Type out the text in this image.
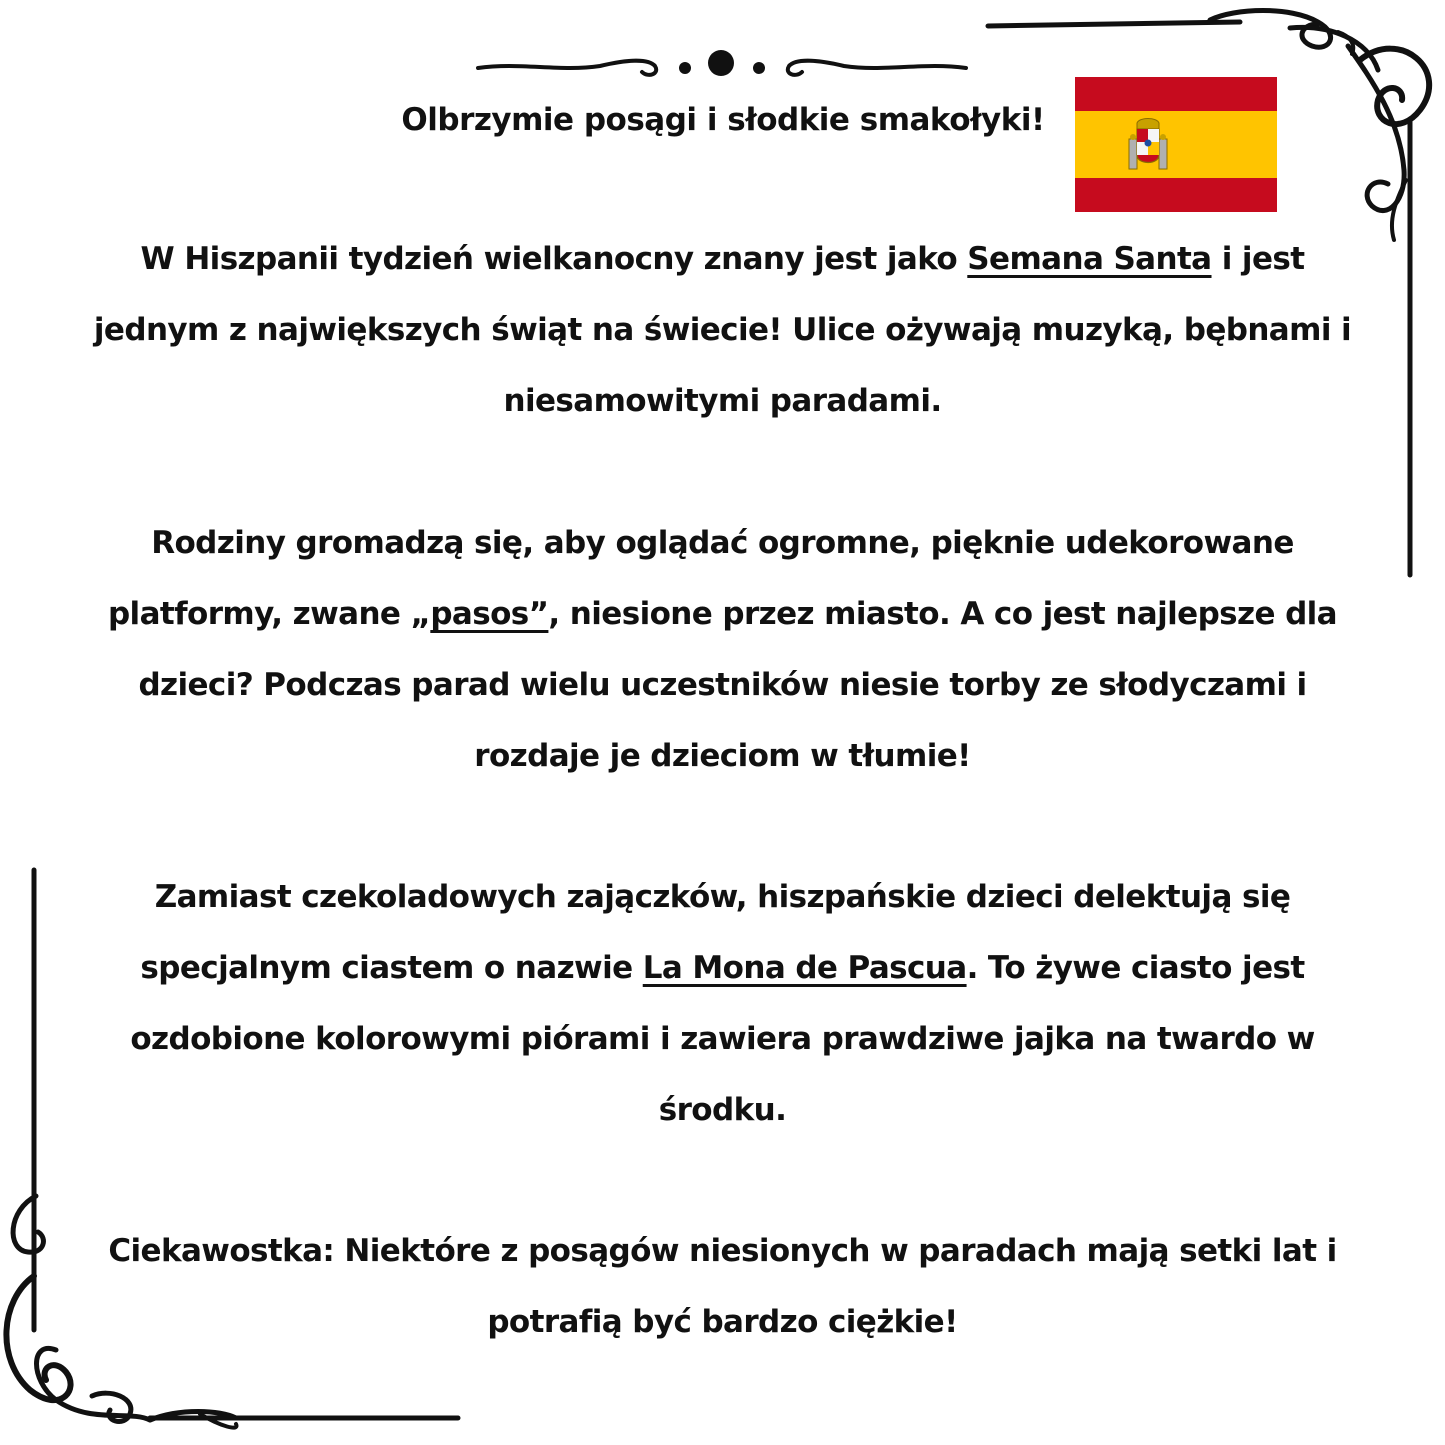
Olbrzymie posągi i słodkie smakołyki!

W Hiszpanii tydzień wielkanocny znany jest jako Semana Santa i jest jednym z największych świąt na świecie! Ulice ożywają muzyką, bębnami i niesamowitymi paradami.

Rodziny gromadzą się, aby oglądać ogromne, pięknie udekorowane platformy, zwane „pasos”, niesione przez miasto. A co jest najlepsze dla dzieci? Podczas parad wielu uczestników niesie torby ze słodyczami i rozdaje je dzieciom w tłumie!

Zamiast czekoladowych zajączków, hiszpańskie dzieci delektują się specjalnym ciastem o nazwie La Mona de Pascua. To żywe ciasto jest ozdobione kolorowymi piórami i zawiera prawdziwe jajka na twardo w środku.

Ciekawostka: Niektóre z posągów niesionych w paradach mają setki lat i potrafią być bardzo ciężkie!
